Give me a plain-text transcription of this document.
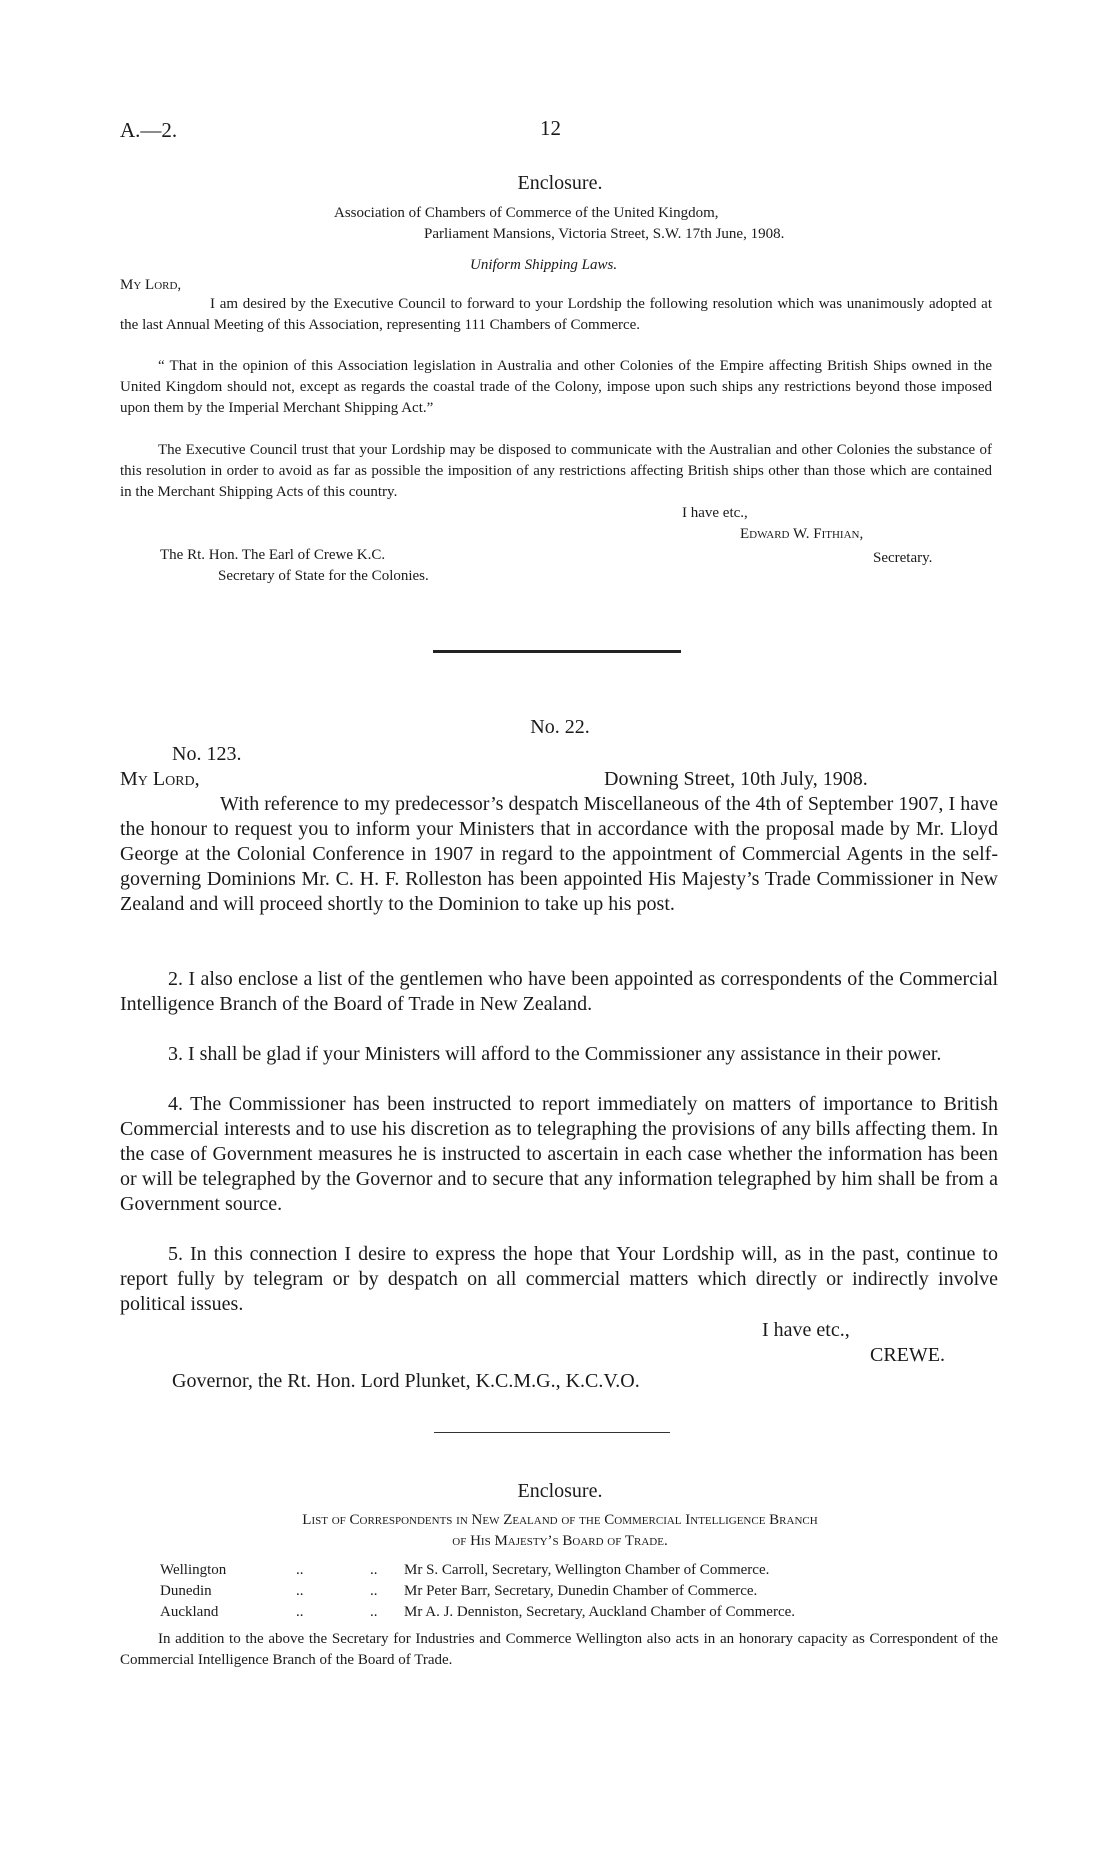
A.—2.	12
Enclosure.
Association of Chambers of Commerce of the United Kingdom,
Parliament Mansions, Victoria Street, S.W. 17th June, 1908.
Uniform Shipping Laws.
My Lord,

I am desired by the Executive Council to forward to your Lordship the following resolution which was unanimously adopted at the last Annual Meeting of this Association, representing 111 Chambers of Commerce.

“ That in the opinion of this Association legislation in Australia and other Colonies of the Empire affecting British Ships owned in the United Kingdom should not, except as regards the coastal trade of the Colony, impose upon such ships any restrictions beyond those imposed upon them by the Imperial Merchant Shipping Act.”

The Executive Council trust that your Lordship may be disposed to communicate with the Australian and other Colonies the substance of this resolution in order to avoid as far as possible the imposition of any restrictions affecting British ships other than those which are contained in the Merchant Shipping Acts of this country.

I have etc.,
Edward W. Fithian,
Secretary.
The Rt. Hon. The Earl of Crewe K.C.
Secretary of State for the Colonies.
No. 22.
No. 123.
My Lord,	Downing Street, 10th July, 1908.

With reference to my predecessor’s despatch Miscellaneous of the 4th of September 1907, I have the honour to request you to inform your Ministers that in accordance with the proposal made by Mr. Lloyd George at the Colonial Conference in 1907 in regard to the appointment of Commercial Agents in the self-governing Dominions Mr. C. H. F. Rolleston has been appointed His Majesty’s Trade Commissioner in New Zealand and will proceed shortly to the Dominion to take up his post.

2. I also enclose a list of the gentlemen who have been appointed as correspondents of the Commercial Intelligence Branch of the Board of Trade in New Zealand.

3. I shall be glad if your Ministers will afford to the Commissioner any assistance in their power.

4. The Commissioner has been instructed to report immediately on matters of importance to British Commercial interests and to use his discretion as to telegraphing the provisions of any bills affecting them. In the case of Government measures he is instructed to ascertain in each case whether the information has been or will be telegraphed by the Governor and to secure that any information telegraphed by him shall be from a Government source.

5. In this connection I desire to express the hope that Your Lordship will, as in the past, continue to report fully by telegram or by despatch on all commercial matters which directly or indirectly involve political issues.

I have etc.,
CREWE.
Governor, the Rt. Hon. Lord Plunket, K.C.M.G., K.C.V.O.
Enclosure.
List of Correspondents in New Zealand of the Commercial Intelligence Branch
of His Majesty’s Board of Trade.
Wellington	..	.. Mr S. Carroll, Secretary, Wellington Chamber of Commerce.
Dunedin	..	.. Mr Peter Barr, Secretary, Dunedin Chamber of Commerce.
Auckland	..	.. Mr A. J. Denniston, Secretary, Auckland Chamber of Commerce.

In addition to the above the Secretary for Industries and Commerce Wellington also acts in an honorary capacity as Correspondent of the Commercial Intelligence Branch of the Board of Trade.
